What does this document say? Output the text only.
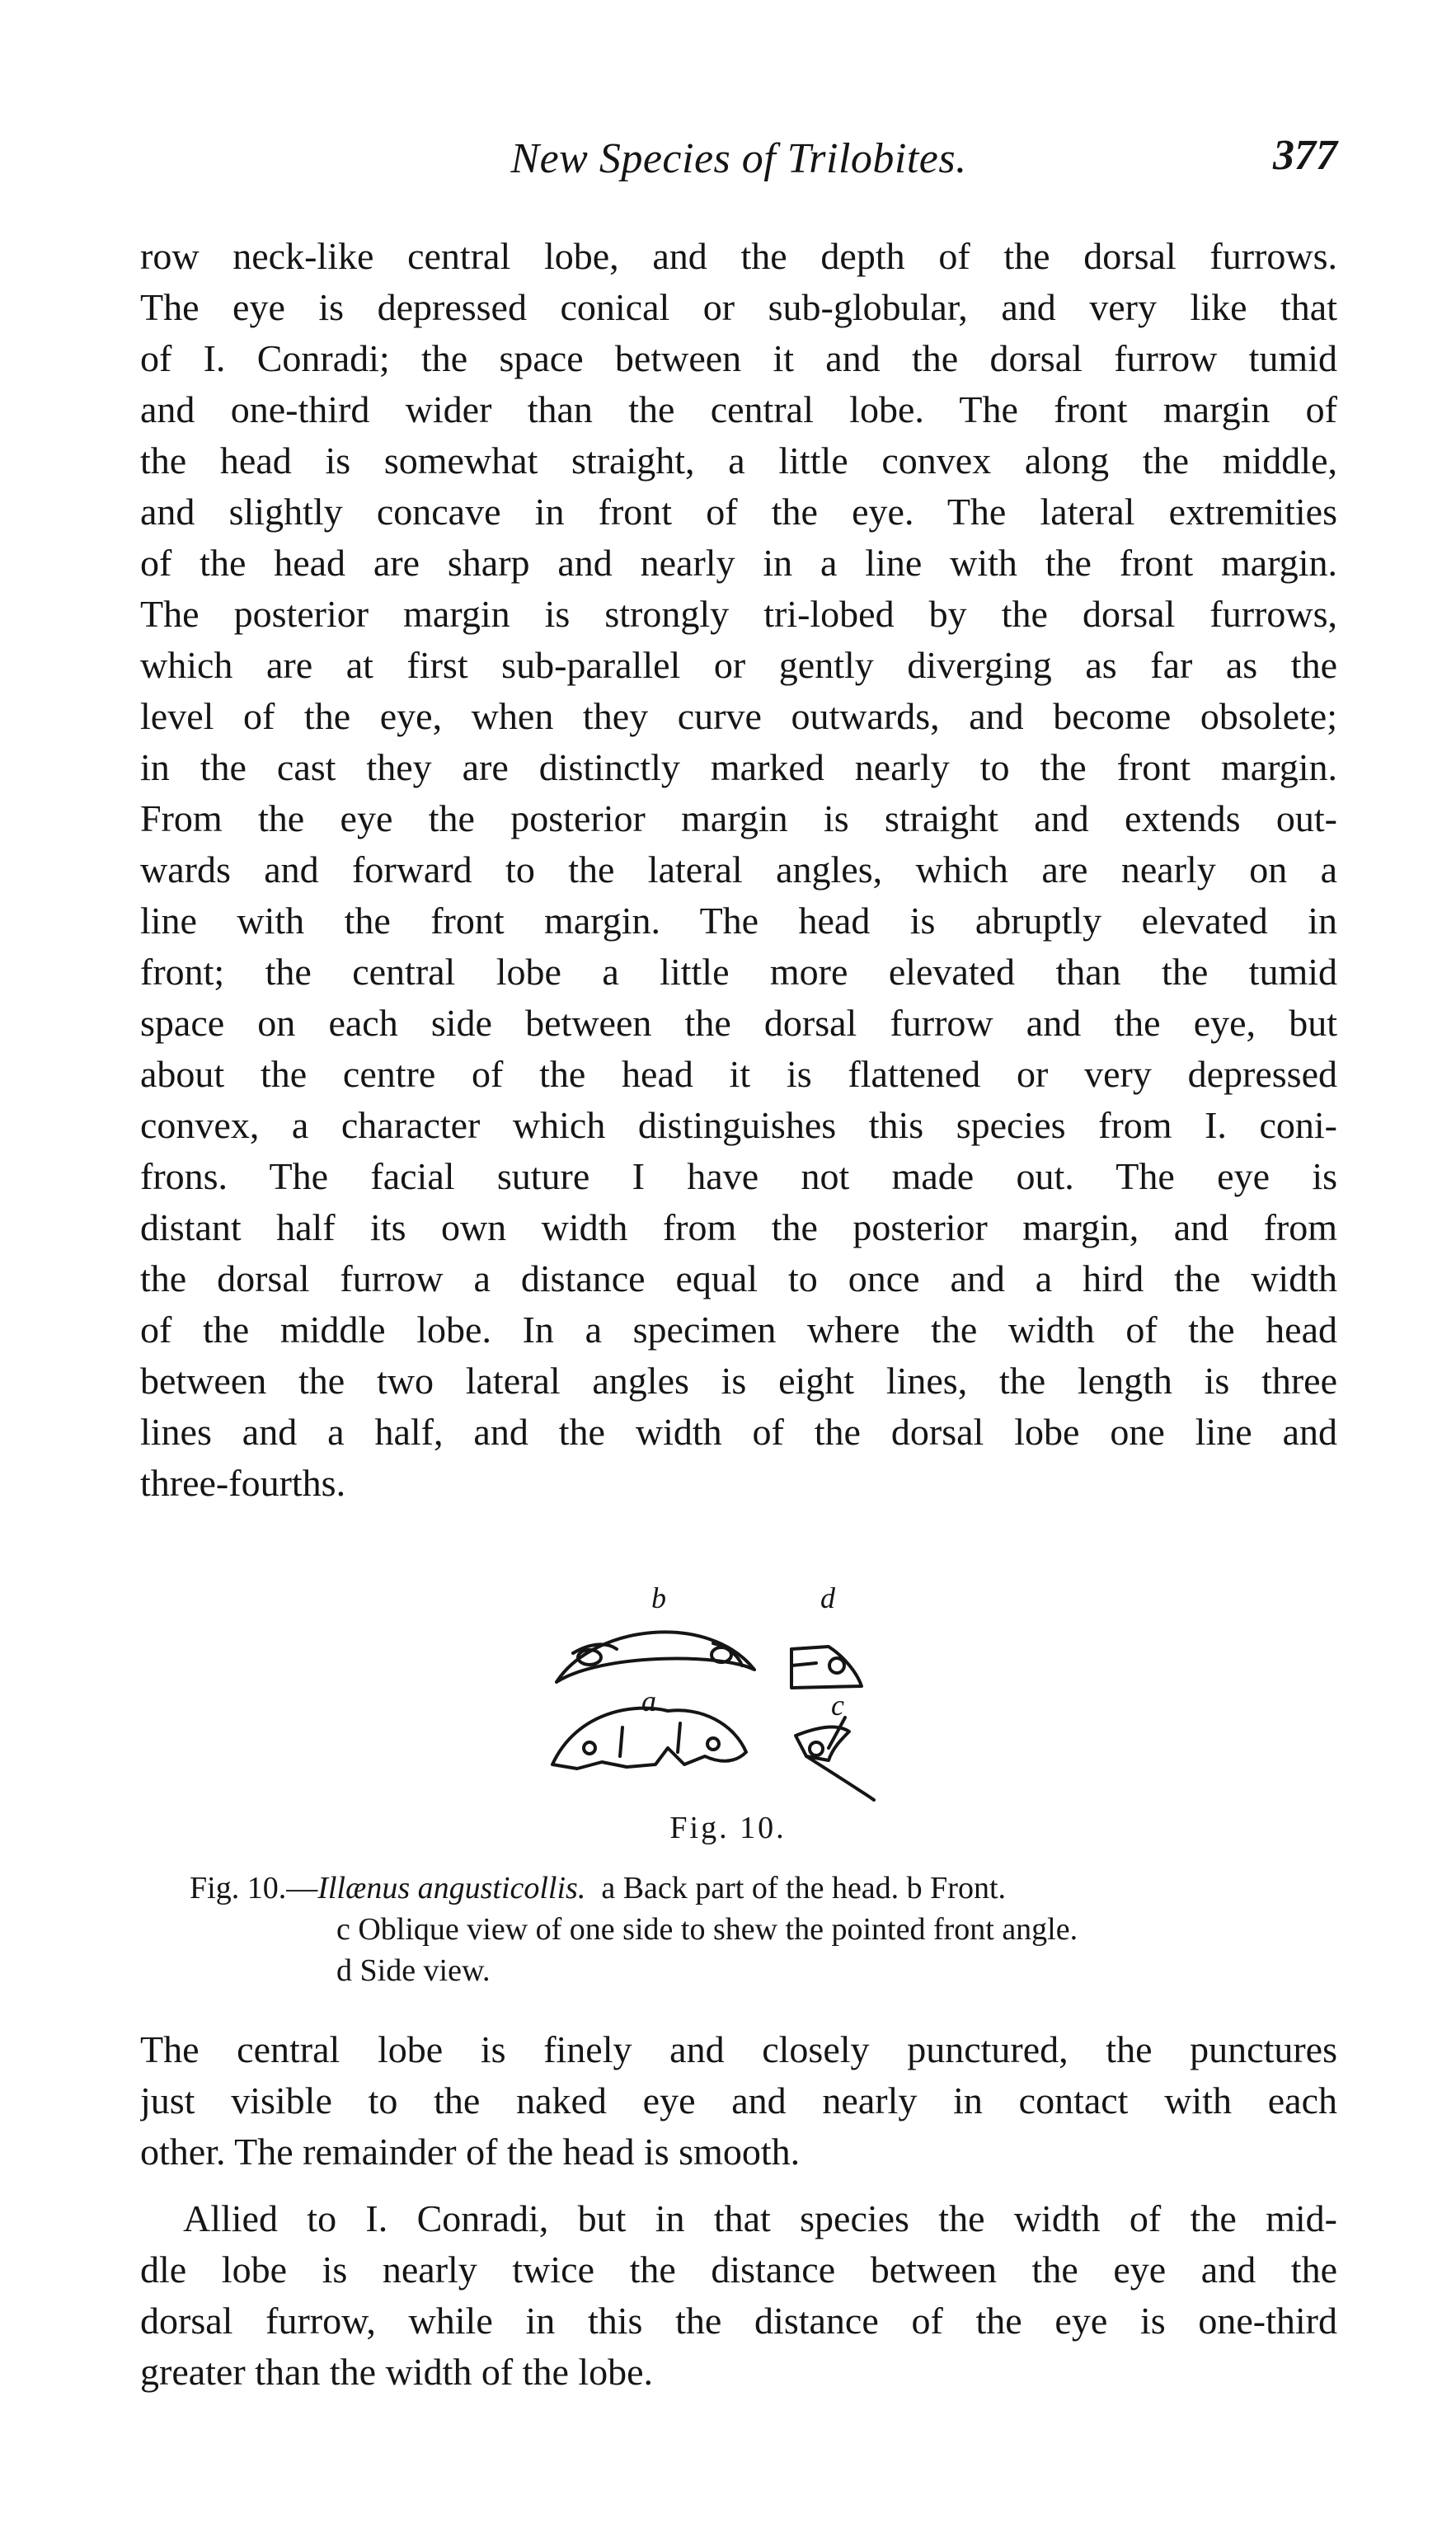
New Species of Trilobites.	377
row neck-like central lobe, and the depth of the dorsal furrows.
The eye is depressed conical or sub-globular, and very like that
of I. Conradi; the space between it and the dorsal furrow tumid
and one-third wider than the central lobe. The front margin of
the head is somewhat straight, a little convex along the middle,
and slightly concave in front of the eye. The lateral extremities
of the head are sharp and nearly in a line with the front margin.
The posterior margin is strongly tri-lobed by the dorsal furrows,
which are at first sub-parallel or gently diverging as far as the
level of the eye, when they curve outwards, and become obsolete;
in the cast they are distinctly marked nearly to the front margin.
From the eye the posterior margin is straight and extends out-
wards and forward to the lateral angles, which are nearly on a
line with the front margin. The head is abruptly elevated in
front; the central lobe a little more elevated than the tumid
space on each side between the dorsal furrow and the eye, but
about the centre of the head it is flattened or very depressed
convex, a character which distinguishes this species from I. coni-
frons. The facial suture I have not made out. The eye is
distant half its own width from the posterior margin, and from
the dorsal furrow a distance equal to once and a hird the width
of the middle lobe. In a specimen where the width of the head
between the two lateral angles is eight lines, the length is three
lines and a half, and the width of the dorsal lobe one line and
three-fourths.
b	d
a	c
Fig. 10.
Fig. 10.—Illænus angusticollis. a Back part of the head. b Front.
c Oblique view of one side to shew the pointed front angle.
d Side view.
The central lobe is finely and closely punctured, the punctures
just visible to the naked eye and nearly in contact with each
other. The remainder of the head is smooth.
Allied to I. Conradi, but in that species the width of the mid-
dle lobe is nearly twice the distance between the eye and the
dorsal furrow, while in this the distance of the eye is one-third
greater than the width of the lobe.
